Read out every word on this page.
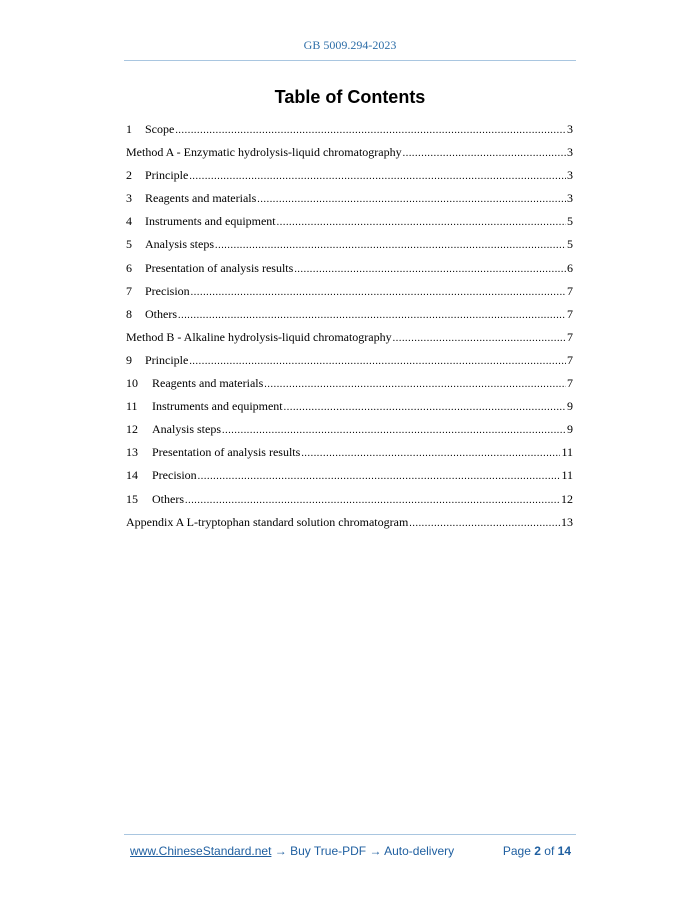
GB 5009.294-2023
Table of Contents
1	Scope .....	3
Method A - Enzymatic hydrolysis-liquid chromatography .....	3
2	Principle .....	3
3	Reagents and materials .....	3
4	Instruments and equipment .....	5
5	Analysis steps .....	5
6	Presentation of analysis results .....	6
7	Precision .....	7
8	Others .....	7
Method B - Alkaline hydrolysis-liquid chromatography .....	7
9	Principle .....	7
10	Reagents and materials .....	7
11	Instruments and equipment .....	9
12	Analysis steps .....	9
13	Presentation of analysis results .....	11
14	Precision .....	11
15	Others .....	12
Appendix A L-tryptophan standard solution chromatogram .....	13
www.ChineseStandard.net → Buy True-PDF → Auto-delivery	Page 2 of 14
